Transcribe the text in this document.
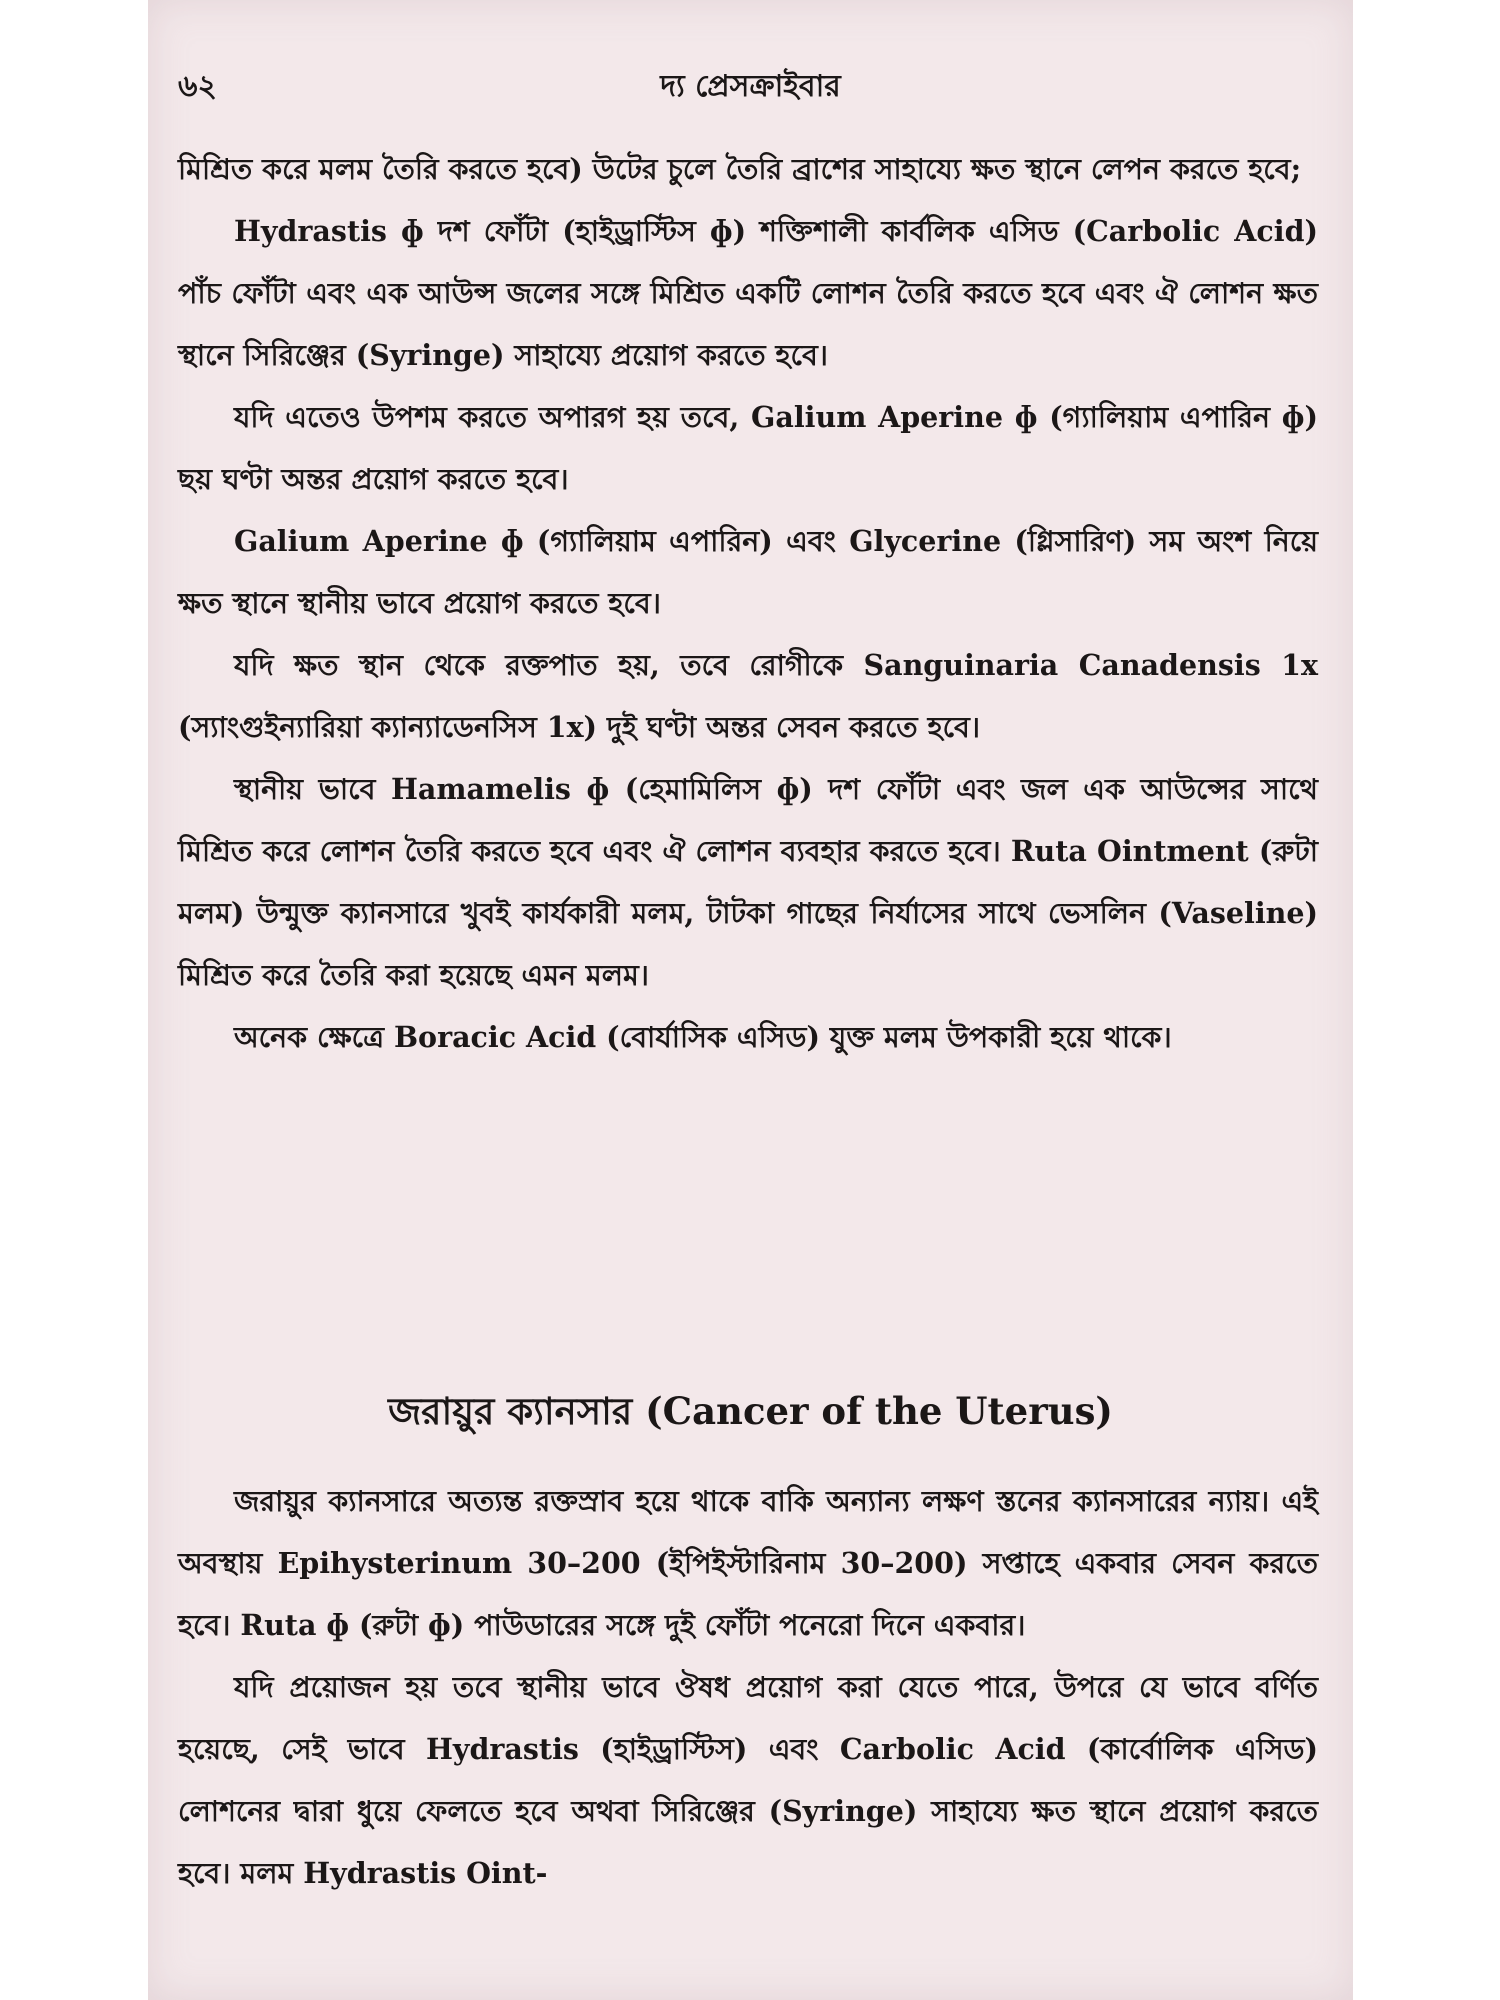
৬২	দ্য প্রেসক্রাইবার

মিশ্রিত করে মলম তৈরি করতে হবে) উটের চুলে তৈরি ব্রাশের সাহায্যে ক্ষত স্থানে লেপন করতে হবে;

Hydrastis ɸ দশ ফোঁটা (হাইড্রাস্টিস ɸ) শক্তিশালী কার্বলিক এসিড (Carbolic Acid) পাঁচ ফোঁটা এবং এক আউন্স জলের সঙ্গে মিশ্রিত একটি লোশন তৈরি করতে হবে এবং ঐ লোশন ক্ষত স্থানে সিরিঞ্জের (Syringe) সাহায্যে প্রয়োগ করতে হবে।

যদি এতেও উপশম করতে অপারগ হয় তবে, Galium Aperine ɸ (গ্যালিয়াম এপারিন ɸ) ছয় ঘণ্টা অন্তর প্রয়োগ করতে হবে।

Galium Aperine ɸ (গ্যালিয়াম এপারিন) এবং Glycerine (গ্লিসারিণ) সম অংশ নিয়ে ক্ষত স্থানে স্থানীয় ভাবে প্রয়োগ করতে হবে।

যদি ক্ষত স্থান থেকে রক্তপাত হয়, তবে রোগীকে Sanguinaria Canadensis 1x (স্যাংগুইন্যারিয়া ক্যান্যাডেনসিস 1x) দুই ঘণ্টা অন্তর সেবন করতে হবে।

স্থানীয় ভাবে Hamamelis ɸ (হেমামিলিস ɸ) দশ ফোঁটা এবং জল এক আউন্সের সাথে মিশ্রিত করে লোশন তৈরি করতে হবে এবং ঐ লোশন ব্যবহার করতে হবে। Ruta Ointment (রুটা মলম) উন্মুক্ত ক্যানসারে খুবই কার্যকারী মলম, টাটকা গাছের নির্যাসের সাথে ভেসলিন (Vaseline) মিশ্রিত করে তৈরি করা হয়েছে এমন মলম।

অনেক ক্ষেত্রে Boracic Acid (বোর্যাসিক এসিড) যুক্ত মলম উপকারী হয়ে থাকে।

জরায়ুর ক্যানসার (Cancer of the Uterus)

জরায়ুর ক্যানসারে অত্যন্ত রক্তস্রাব হয়ে থাকে বাকি অন্যান্য লক্ষণ স্তনের ক্যানসারের ন্যায়। এই অবস্থায় Epihysterinum 30–200 (ইপিইস্টারিনাম 30–200) সপ্তাহে একবার সেবন করতে হবে। Ruta ɸ (রুটা ɸ) পাউডারের সঙ্গে দুই ফোঁটা পনেরো দিনে একবার।

যদি প্রয়োজন হয় তবে স্থানীয় ভাবে ঔষধ প্রয়োগ করা যেতে পারে, উপরে যে ভাবে বর্ণিত হয়েছে, সেই ভাবে Hydrastis (হাইড্রাস্টিস) এবং Carbolic Acid (কার্বোলিক এসিড) লোশনের দ্বারা ধুয়ে ফেলতে হবে অথবা সিরিঞ্জের (Syringe) সাহায্যে ক্ষত স্থানে প্রয়োগ করতে হবে। মলম Hydrastis Oint-
